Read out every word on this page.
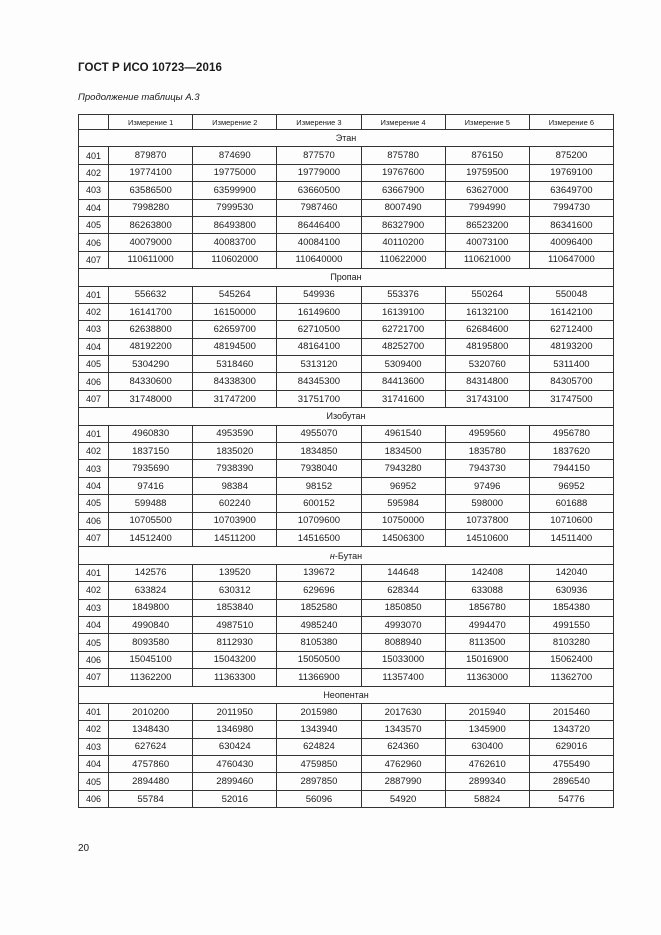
ГОСТ Р ИСО 10723—2016
Продолжение таблицы А.3
	Измерение 1	Измерение 2	Измерение 3	Измерение 4	Измерение 5	Измерение 6
Этан						
401	879870	874690	877570	875780	876150	875200
402	19774100	19775000	19779000	19767600	19759500	19769100
403	63586500	63599900	63660500	63667900	63627000	63649700
404	7998280	7999530	7987460	8007490	7994990	7994730
405	86263800	86493800	86446400	86327900	86523200	86341600
406	40079000	40083700	40084100	40110200	40073100	40096400
407	110611000	110602000	110640000	110622000	110621000	110647000
Пропан						
401	556632	545264	549936	553376	550264	550048
402	16141700	16150000	16149600	16139100	16132100	16142100
403	62638800	62659700	62710500	62721700	62684600	62712400
404	48192200	48194500	48164100	48252700	48195800	48193200
405	5304290	5318460	5313120	5309400	5320760	5311400
406	84330600	84338300	84345300	84413600	84314800	84305700
407	31748000	31747200	31751700	31741600	31743100	31747500
Изобутан						
401	4960830	4953590	4955070	4961540	4959560	4956780
402	1837150	1835020	1834850	1834500	1835780	1837620
403	7935690	7938390	7938040	7943280	7943730	7944150
404	97416	98384	98152	96952	97496	96952
405	599488	602240	600152	595984	598000	601688
406	10705500	10703900	10709600	10750000	10737800	10710600
407	14512400	14511200	14516500	14506300	14510600	14511400
н-Бутан						
401	142576	139520	139672	144648	142408	142040
402	633824	630312	629696	628344	633088	630936
403	1849800	1853840	1852580	1850850	1856780	1854380
404	4990840	4987510	4985240	4993070	4994470	4991550
405	8093580	8112930	8105380	8088940	8113500	8103280
406	15045100	15043200	15050500	15033000	15016900	15062400
407	11362200	11363300	11366900	11357400	11363000	11362700
Неопентан						
401	2010200	2011950	2015980	2017630	2015940	2015460
402	1348430	1346980	1343940	1343570	1345900	1343720
403	627624	630424	624824	624360	630400	629016
404	4757860	4760430	4759850	4762960	4762610	4755490
405	2894480	2899460	2897850	2887990	2899340	2896540
406	55784	52016	56096	54920	58824	54776
20
